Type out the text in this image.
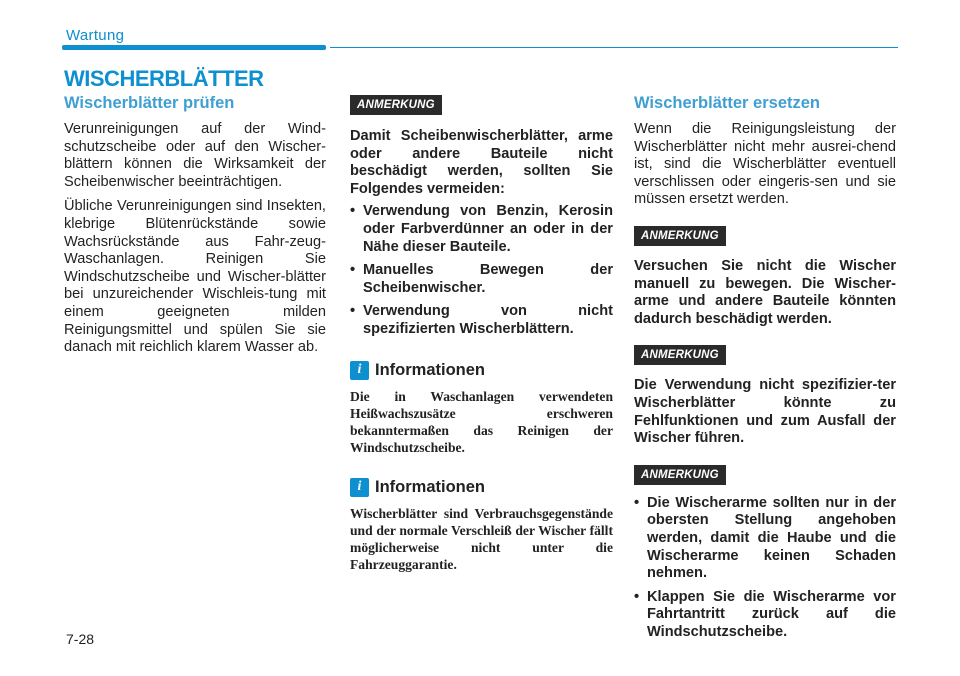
Wartung
WISCHERBLÄTTER
Wischerblätter prüfen

Verunreinigungen auf der Wind-schutzscheibe oder auf den Wischer-blättern können die Wirksamkeit der Scheibenwischer beeinträchtigen.

Übliche Verunreinigungen sind Insekten, klebrige Blütenrückstände sowie Wachsrückstände aus Fahr-zeug-Waschanlagen. Reinigen Sie Windschutzscheibe und Wischer-blätter bei unzureichender Wischleis-tung mit einem geeigneten milden Reinigungsmittel und spülen Sie sie danach mit reichlich klarem Wasser ab.

ANMERKUNG

Damit Scheibenwischerblätter, arme oder andere Bauteile nicht beschädigt werden, sollten Sie Folgendes vermeiden:

• Verwendung von Benzin, Kerosin oder Farbverdünner an oder in der Nähe dieser Bauteile.
• Manuelles Bewegen der Scheibenwischer.
• Verwendung von nicht spezifizierten Wischerblättern.
i Informationen

Die in Waschanlagen verwendeten Heißwachszusätze erschweren bekanntermaßen das Reinigen der Windschutzscheibe.

i Informationen

Wischerblätter sind Verbrauchsgegenstände und der normale Verschleiß der Wischer fällt möglicherweise nicht unter die Fahrzeuggarantie.

Wischerblätter ersetzen

Wenn die Reinigungsleistung der Wischerblätter nicht mehr ausrei-chend ist, sind die Wischerblätter eventuell verschlissen oder eingeris-sen und sie müssen ersetzt werden.

ANMERKUNG

Versuchen Sie nicht die Wischer manuell zu bewegen. Die Wischer-arme und andere Bauteile könnten dadurch beschädigt werden.

ANMERKUNG

Die Verwendung nicht spezifizier-ter Wischerblätter könnte zu Fehlfunktionen und zum Ausfall der Wischer führen.

ANMERKUNG
• Die Wischerarme sollten nur in der obersten Stellung angehoben werden, damit die Haube und die Wischerarme keinen Schaden nehmen.
• Klappen Sie die Wischerarme vor Fahrtantritt zurück auf die Windschutzscheibe.
7-28
